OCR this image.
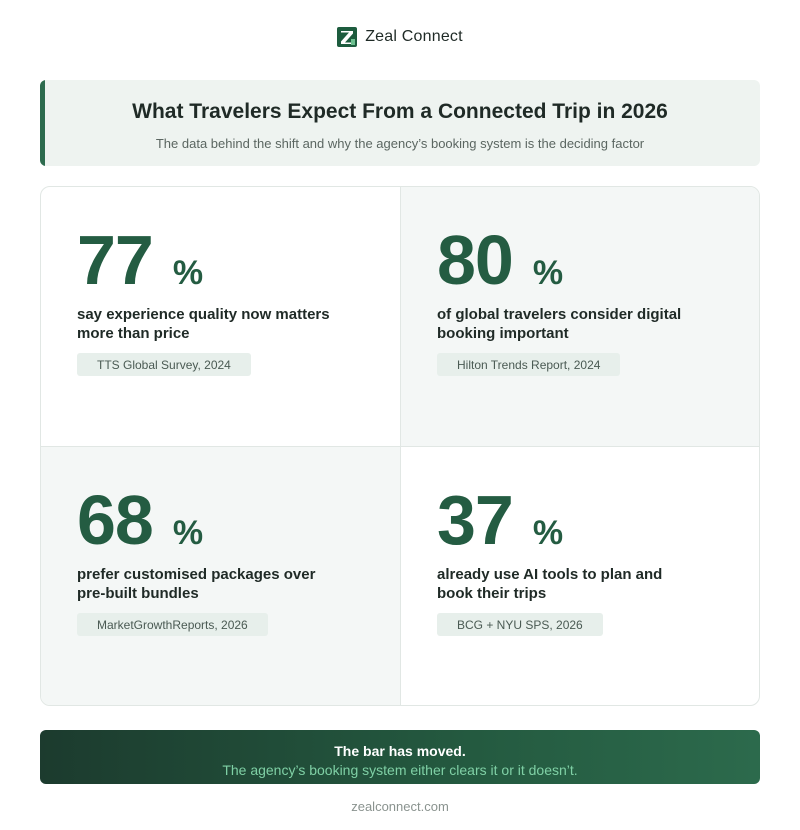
Zeal Connect
What Travelers Expect From a Connected Trip in 2026
The data behind the shift and why the agency’s booking system is the deciding factor
77 %
say experience quality now matters more than price
TTS Global Survey, 2024
80 %
of global travelers consider digital booking important
Hilton Trends Report, 2024
68 %
prefer customised packages over pre-built bundles
MarketGrowthReports, 2026
37 %
already use AI tools to plan and book their trips
BCG + NYU SPS, 2026
The bar has moved.
The agency’s booking system either clears it or it doesn’t.
zealconnect.com
